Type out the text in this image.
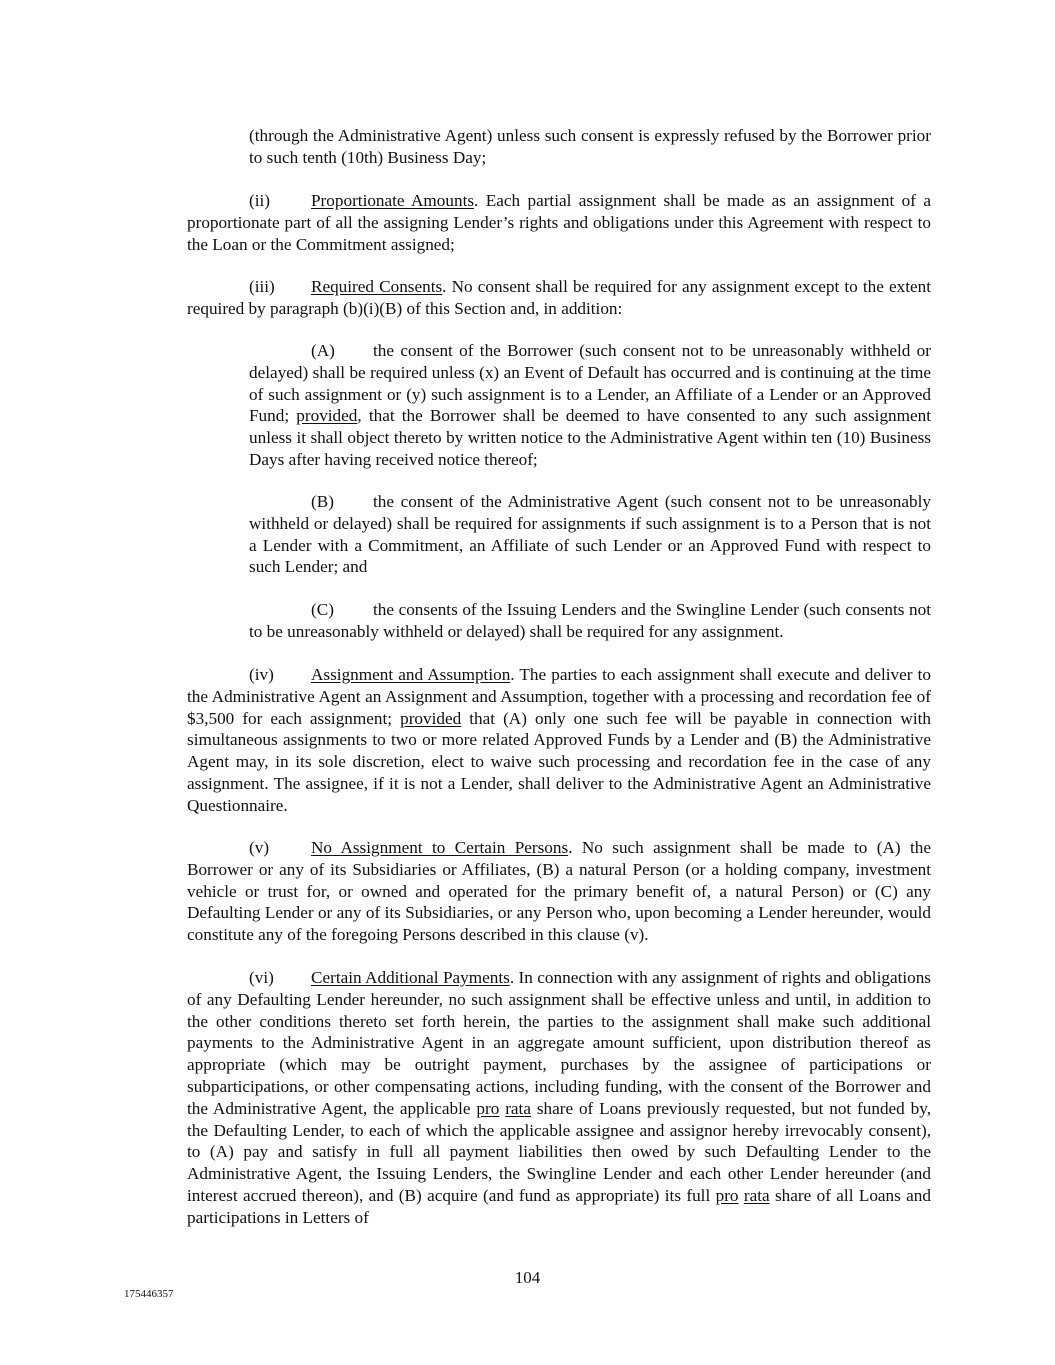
(through the Administrative Agent) unless such consent is expressly refused by the Borrower prior to such tenth (10th) Business Day;

(ii) Proportionate Amounts. Each partial assignment shall be made as an assignment of a proportionate part of all the assigning Lender’s rights and obligations under this Agreement with respect to the Loan or the Commitment assigned;

(iii) Required Consents. No consent shall be required for any assignment except to the extent required by paragraph (b)(i)(B) of this Section and, in addition:

(A) the consent of the Borrower (such consent not to be unreasonably withheld or delayed) shall be required unless (x) an Event of Default has occurred and is continuing at the time of such assignment or (y) such assignment is to a Lender, an Affiliate of a Lender or an Approved Fund; provided, that the Borrower shall be deemed to have consented to any such assignment unless it shall object thereto by written notice to the Administrative Agent within ten (10) Business Days after having received notice thereof;

(B) the consent of the Administrative Agent (such consent not to be unreasonably withheld or delayed) shall be required for assignments if such assignment is to a Person that is not a Lender with a Commitment, an Affiliate of such Lender or an Approved Fund with respect to such Lender; and

(C) the consents of the Issuing Lenders and the Swingline Lender (such consents not to be unreasonably withheld or delayed) shall be required for any assignment.

(iv) Assignment and Assumption. The parties to each assignment shall execute and deliver to the Administrative Agent an Assignment and Assumption, together with a processing and recordation fee of $3,500 for each assignment; provided that (A) only one such fee will be payable in connection with simultaneous assignments to two or more related Approved Funds by a Lender and (B) the Administrative Agent may, in its sole discretion, elect to waive such processing and recordation fee in the case of any assignment. The assignee, if it is not a Lender, shall deliver to the Administrative Agent an Administrative Questionnaire.

(v) No Assignment to Certain Persons. No such assignment shall be made to (A) the Borrower or any of its Subsidiaries or Affiliates, (B) a natural Person (or a holding company, investment vehicle or trust for, or owned and operated for the primary benefit of, a natural Person) or (C) any Defaulting Lender or any of its Subsidiaries, or any Person who, upon becoming a Lender hereunder, would constitute any of the foregoing Persons described in this clause (v).

(vi) Certain Additional Payments. In connection with any assignment of rights and obligations of any Defaulting Lender hereunder, no such assignment shall be effective unless and until, in addition to the other conditions thereto set forth herein, the parties to the assignment shall make such additional payments to the Administrative Agent in an aggregate amount sufficient, upon distribution thereof as appropriate (which may be outright payment, purchases by the assignee of participations or subparticipations, or other compensating actions, including funding, with the consent of the Borrower and the Administrative Agent, the applicable pro rata share of Loans previously requested, but not funded by, the Defaulting Lender, to each of which the applicable assignee and assignor hereby irrevocably consent), to (A) pay and satisfy in full all payment liabilities then owed by such Defaulting Lender to the Administrative Agent, the Issuing Lenders, the Swingline Lender and each other Lender hereunder (and interest accrued thereon), and (B) acquire (and fund as appropriate) its full pro rata share of all Loans and participations in Letters of

104

175446357
